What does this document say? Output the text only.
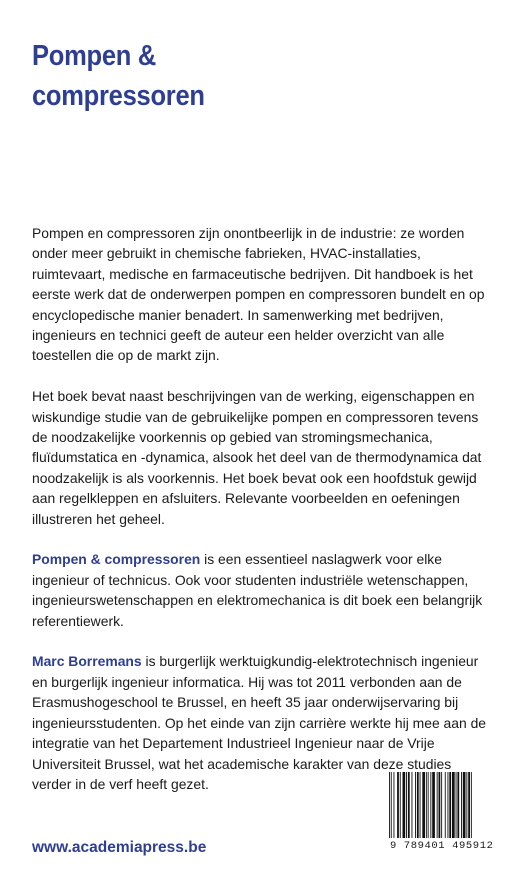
Pompen &
compressoren

Pompen en compressoren zijn onontbeerlijk in de industrie: ze worden onder meer gebruikt in chemische fabrieken, HVAC-installaties, ruimtevaart, medische en farmaceutische bedrijven. Dit handboek is het eerste werk dat de onderwerpen pompen en compressoren bundelt en op encyclopedische manier benadert. In samenwerking met bedrijven, ingenieurs en technici geeft de auteur een helder overzicht van alle toestellen die op de markt zijn.

Het boek bevat naast beschrijvingen van de werking, eigenschappen en wiskundige studie van de gebruikelijke pompen en compressoren tevens de noodzakelijke voorkennis op gebied van stromingsmechanica, fluïdumstatica en -dynamica, alsook het deel van de thermodynamica dat noodzakelijk is als voorkennis. Het boek bevat ook een hoofdstuk gewijd aan regelkleppen en afsluiters. Relevante voorbeelden en oefeningen illustreren het geheel.

Pompen & compressoren is een essentieel naslagwerk voor elke ingenieur of technicus. Ook voor studenten industriële wetenschappen, ingenieurswetenschappen en elektromechanica is dit boek een belangrijk referentiewerk.

Marc Borremans is burgerlijk werktuigkundig-elektrotechnisch ingenieur en burgerlijk ingenieur informatica. Hij was tot 2011 verbonden aan de Erasmushogeschool te Brussel, en heeft 35 jaar onderwijservaring bij ingenieursstudenten. Op het einde van zijn carrière werkte hij mee aan de integratie van het Departement Industrieel Ingenieur naar de Vrije Universiteit Brussel, wat het academische karakter van deze studies verder in de verf heeft gezet.

www.academiapress.be	9 789401 495912
